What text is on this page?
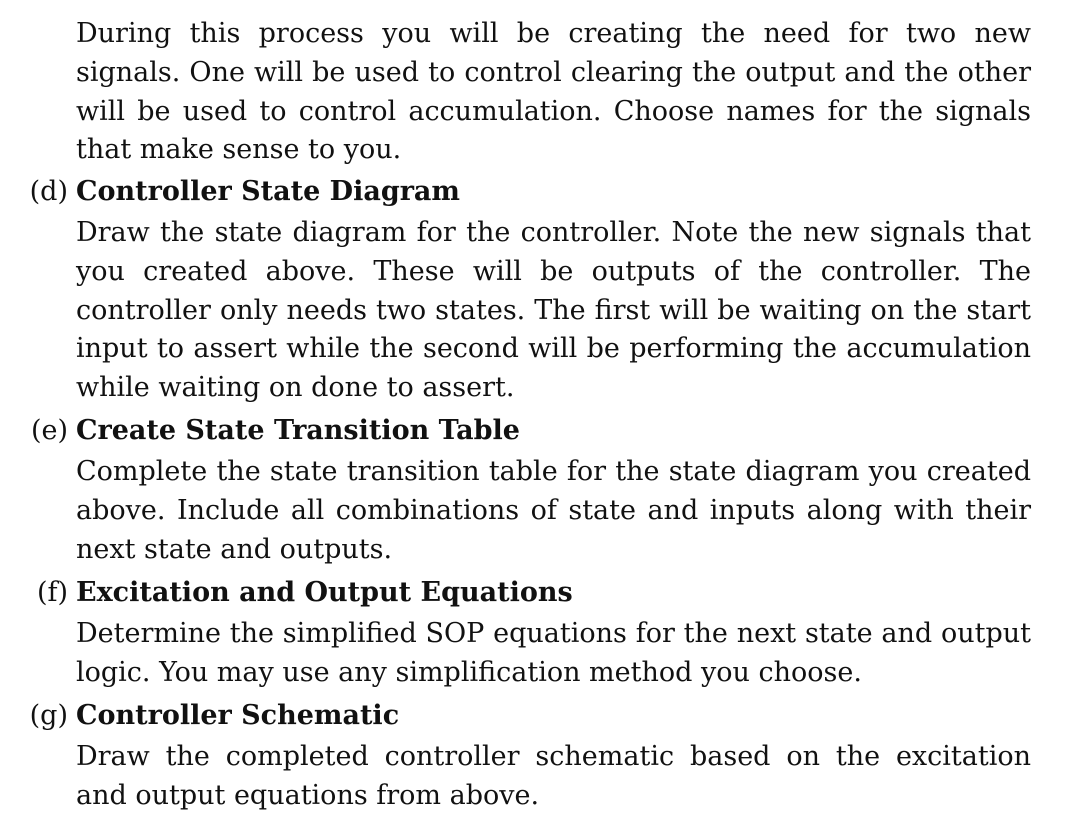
During this process you will be creating the need for two new signals. One will be used to control clearing the output and the other will be used to control accumulation. Choose names for the signals that make sense to you.

(d) Controller State Diagram

Draw the state diagram for the controller. Note the new signals that you created above. These will be outputs of the controller. The controller only needs two states. The first will be waiting on the start input to assert while the second will be performing the accumulation while waiting on done to assert.

(e) Create State Transition Table

Complete the state transition table for the state diagram you created above. Include all combinations of state and inputs along with their next state and outputs.

(f) Excitation and Output Equations

Determine the simplified SOP equations for the next state and output logic. You may use any simplification method you choose.

(g) Controller Schematic

Draw the completed controller schematic based on the excitation and output equations from above.
